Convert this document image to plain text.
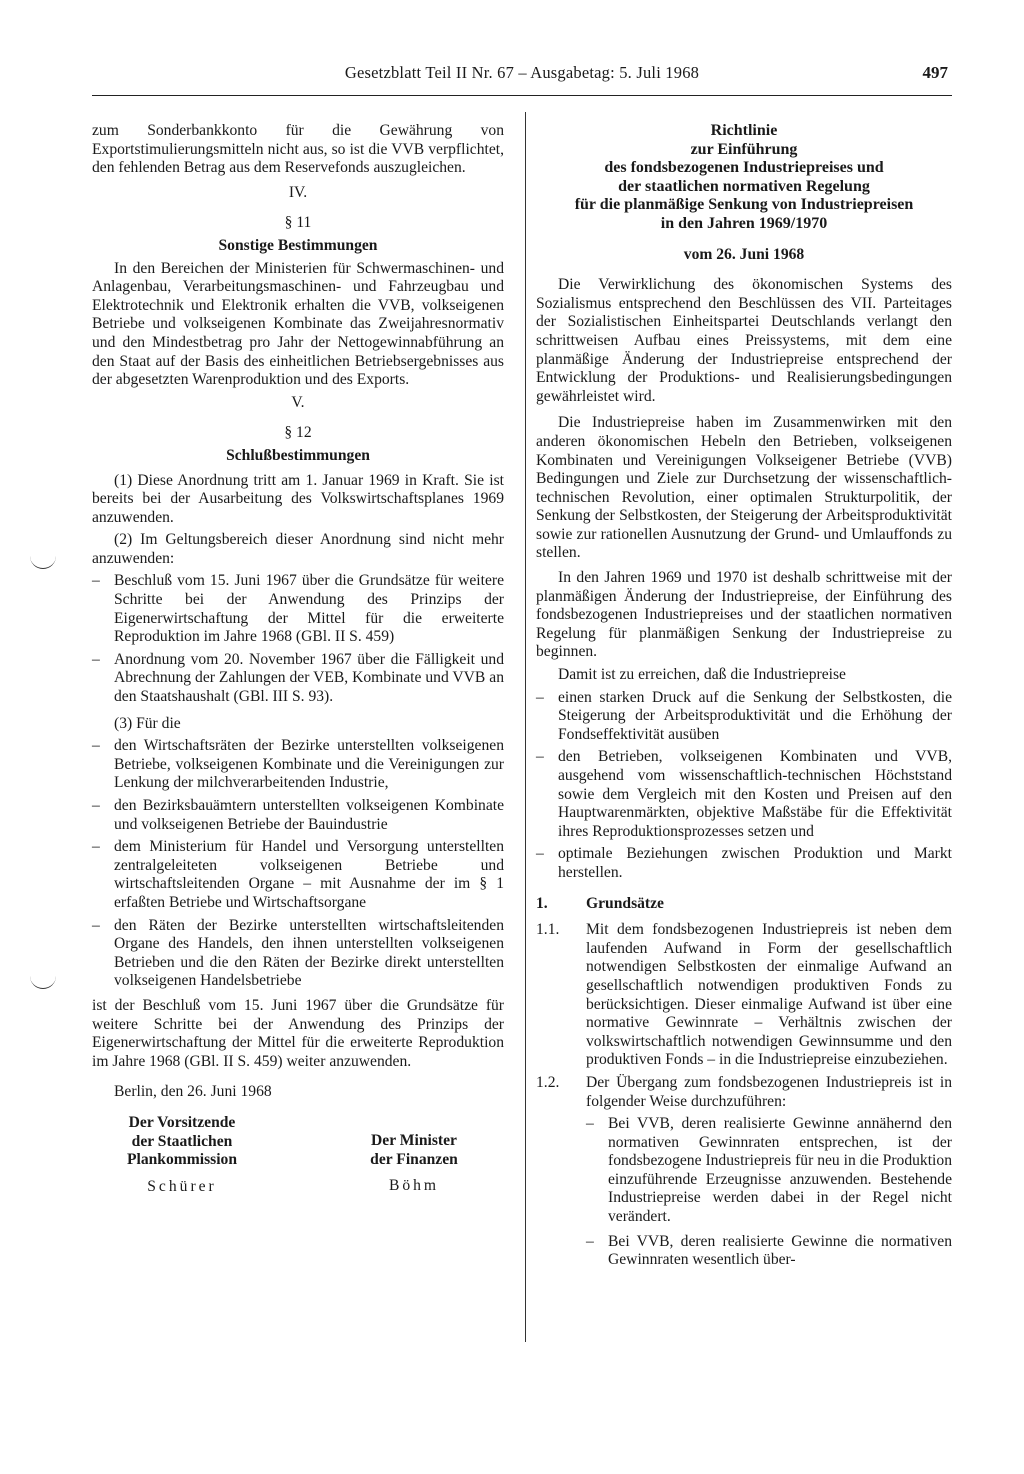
Gesetzblatt Teil II Nr. 67 – Ausgabetag: 5. Juli 1968	497

zum Sonderbankkonto für die Gewährung von Exportstimulierungsmitteln nicht aus, so ist die VVB verpflichtet, den fehlenden Betrag aus dem Reservefonds auszugleichen.

IV.

§ 11

Sonstige Bestimmungen

In den Bereichen der Ministerien für Schwermaschinen- und Anlagenbau, Verarbeitungsmaschinen- und Fahrzeugbau und Elektrotechnik und Elektronik erhalten die VVB, volkseigenen Betriebe und volkseigenen Kombinate das Zweijahresnormativ und den Mindestbetrag pro Jahr der Nettogewinnabführung an den Staat auf der Basis des einheitlichen Betriebsergebnisses aus der abgesetzten Warenproduktion und des Exports.

V.

§ 12

Schlußbestimmungen

(1) Diese Anordnung tritt am 1. Januar 1969 in Kraft. Sie ist bereits bei der Ausarbeitung des Volkswirtschaftsplanes 1969 anzuwenden.

(2) Im Geltungsbereich dieser Anordnung sind nicht mehr anzuwenden:

– Beschluß vom 15. Juni 1967 über die Grundsätze für weitere Schritte bei der Anwendung des Prinzips der Eigenerwirtschaftung der Mittel für die erweiterte Reproduktion im Jahre 1968 (GBl. II S. 459)

– Anordnung vom 20. November 1967 über die Fälligkeit und Abrechnung der Zahlungen der VEB, Kombinate und VVB an den Staatshaushalt (GBl. III S. 93).

(3) Für die

– den Wirtschaftsräten der Bezirke unterstellten volkseigenen Betriebe, volkseigenen Kombinate und die Vereinigungen zur Lenkung der milchverarbeitenden Industrie,

– den Bezirksbauämtern unterstellten volkseigenen Kombinate und volkseigenen Betriebe der Bauindustrie

– dem Ministerium für Handel und Versorgung unterstellten zentralgeleiteten volkseigenen Betriebe und wirtschaftsleitenden Organe – mit Ausnahme der im § 1 erfaßten Betriebe und Wirtschaftsorgane

– den Räten der Bezirke unterstellten wirtschaftsleitenden Organe des Handels, den ihnen unterstellten volkseigenen Betrieben und die den Räten der Bezirke direkt unterstellten volkseigenen Handelsbetriebe

ist der Beschluß vom 15. Juni 1967 über die Grundsätze für weitere Schritte bei der Anwendung des Prinzips der Eigenerwirtschaftung der Mittel für die erweiterte Reproduktion im Jahre 1968 (GBl. II S. 459) weiter anzuwenden.

Berlin, den 26. Juni 1968

Der Vorsitzende
der Staatlichen
Plankommission
Schürer
Der Minister
der Finanzen
Böhm
Richtlinie
zur Einführung
des fondsbezogenen Industriepreises und
der staatlichen normativen Regelung
für die planmäßige Senkung von Industriepreisen
in den Jahren 1969/1970

vom 26. Juni 1968

Die Verwirklichung des ökonomischen Systems des Sozialismus entsprechend den Beschlüssen des VII. Parteitages der Sozialistischen Einheitspartei Deutschlands verlangt den schrittweisen Aufbau eines Preissystems, mit dem eine planmäßige Änderung der Industriepreise entsprechend der Entwicklung der Produktions- und Realisierungsbedingungen gewährleistet wird.

Die Industriepreise haben im Zusammenwirken mit den anderen ökonomischen Hebeln den Betrieben, volkseigenen Kombinaten und Vereinigungen Volkseigener Betriebe (VVB) Bedingungen und Ziele zur Durchsetzung der wissenschaftlich-technischen Revolution, einer optimalen Strukturpolitik, der Senkung der Selbstkosten, der Steigerung der Arbeitsproduktivität sowie zur rationellen Ausnutzung der Grund- und Umlauffonds zu stellen.

In den Jahren 1969 und 1970 ist deshalb schrittweise mit der planmäßigen Änderung der Industriepreise, der Einführung des fondsbezogenen Industriepreises und der staatlichen normativen Regelung für planmäßigen Senkung der Industriepreise zu beginnen.

Damit ist zu erreichen, daß die Industriepreise

– einen starken Druck auf die Senkung der Selbstkosten, die Steigerung der Arbeitsproduktivität und die Erhöhung der Fondseffektivität ausüben

– den Betrieben, volkseigenen Kombinaten und VVB, ausgehend vom wissenschaftlich-technischen Höchststand sowie dem Vergleich mit den Kosten und Preisen auf den Hauptwarenmärkten, objektive Maßstäbe für die Effektivität ihres Reproduktionsprozesses setzen und

– optimale Beziehungen zwischen Produktion und Markt herstellen.

1. Grundsätze
1.1. Mit dem fondsbezogenen Industriepreis ist neben dem laufenden Aufwand in Form der gesellschaftlich notwendigen Selbstkosten der einmalige Aufwand an gesellschaftlich notwendigen produktiven Fonds zu berücksichtigen. Dieser einmalige Aufwand ist über eine normative Gewinnrate – Verhältnis zwischen der volkswirtschaftlich notwendigen Gewinnsumme und den produktiven Fonds – in die Industriepreise einzubeziehen.
1.2. Der Übergang zum fondsbezogenen Industriepreis ist in folgender Weise durchzuführen:

– Bei VVB, deren realisierte Gewinne annähernd den normativen Gewinnraten entsprechen, ist der fondsbezogene Industriepreis für neu in die Produktion einzuführende Erzeugnisse anzuwenden. Bestehende Industriepreise werden dabei in der Regel nicht verändert.

– Bei VVB, deren realisierte Gewinne die normativen Gewinnraten wesentlich über-
